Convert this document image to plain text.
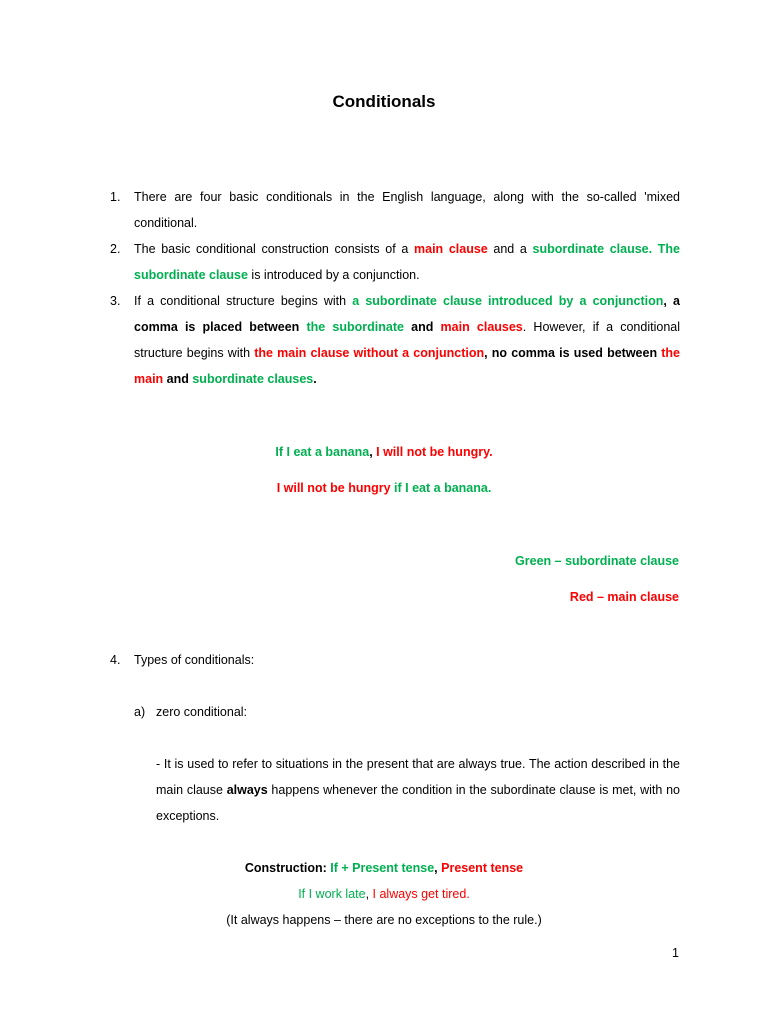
Conditionals
1. There are four basic conditionals in the English language, along with the so-called 'mixed conditional.
2. The basic conditional construction consists of a main clause and a subordinate clause. The subordinate clause is introduced by a conjunction.
3. If a conditional structure begins with a subordinate clause introduced by a conjunction, a comma is placed between the subordinate and main clauses. However, if a conditional structure begins with the main clause without a conjunction, no comma is used between the main and subordinate clauses.
If I eat a banana, I will not be hungry.
I will not be hungry if I eat a banana.
Green – subordinate clause
Red – main clause
4. Types of conditionals:
a) zero conditional:
- It is used to refer to situations in the present that are always true. The action described in the main clause always happens whenever the condition in the subordinate clause is met, with no exceptions.
Construction: If + Present tense, Present tense
If I work late, I always get tired.
(It always happens – there are no exceptions to the rule.)
1
